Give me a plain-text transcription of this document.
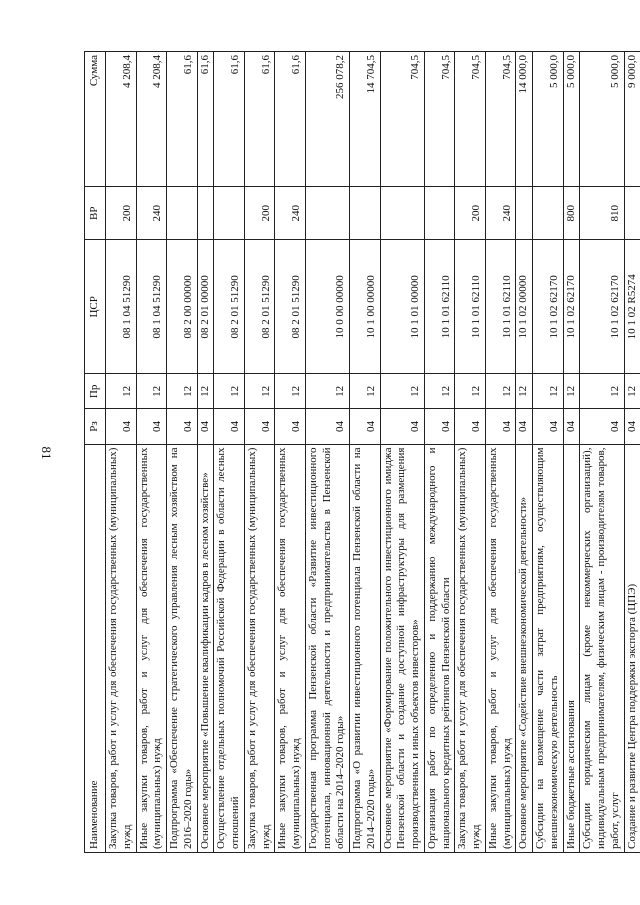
81
Наименование	Рз	Пр	ЦСР	ВР	Сумма
Закупка товаров, работ и услуг для обеспечения государственных (муниципальных) нужд	04	12	08 1 04 51290	200	4 208,4
Иные закупки товаров, работ и услуг для обеспечения государственных (муниципальных) нужд	04	12	08 1 04 51290	240	4 208,4
Подпрограмма «Обеспечение стратегического управления лесным хозяйством на 2016–2020 годы»	04	12	08 2 00 00000		61,6
Основное мероприятие «Повышение квалификации кадров в лесном хозяйстве»	04	12	08 2 01 00000		61,6
Осуществление отдельных полномочий Российской Федерации в области лесных отношений	04	12	08 2 01 51290		61,6
Закупка товаров, работ и услуг для обеспечения государственных (муниципальных) нужд	04	12	08 2 01 51290	200	61,6
Иные закупки товаров, работ и услуг для обеспечения государственных (муниципальных) нужд	04	12	08 2 01 51290	240	61,6
Государственная программа Пензенской области «Развитие инвестиционного потенциала, инновационной деятельности и предпринимательства в Пензенской области на 2014–2020 годы»	04	12	10 0 00 00000		256 078,2
Подпрограмма «О развитии инвестиционного потенциала Пензенской области на 2014–2020 годы»	04	12	10 1 00 00000		14 704,5
Основное мероприятие «Формирование положительного инвестиционного имиджа Пензенской области и создание доступной инфраструктуры для размещения производственных и иных объектов инвесторов»	04	12	10 1 01 00000		704,5
Организация работ по определению и поддержанию международного и национального кредитных рейтингов Пензенской области	04	12	10 1 01 62110		704,5
Закупка товаров, работ и услуг для обеспечения государственных (муниципальных) нужд	04	12	10 1 01 62110	200	704,5
Иные закупки товаров, работ и услуг для обеспечения государственных (муниципальных) нужд	04	12	10 1 01 62110	240	704,5
Основное мероприятие «Содействие внешнеэкономической деятельности»	04	12	10 1 02 00000		14 000,0
Субсидии на возмещение части затрат предприятиям, осуществляющим внешнеэкономическую деятельность	04	12	10 1 02 62170		5 000,0
Иные бюджетные ассигнования	04	12	10 1 02 62170	800	5 000,0
Субсидии юридическим лицам (кроме некоммерческих организаций), индивидуальным предпринимателям, физическим лицам - производителям товаров, работ, услуг	04	12	10 1 02 62170	810	5 000,0
Создание и развитие Центра поддержки экспорта (ЦПЭ)	04	12	10 1 02 R5274		9 000,0
